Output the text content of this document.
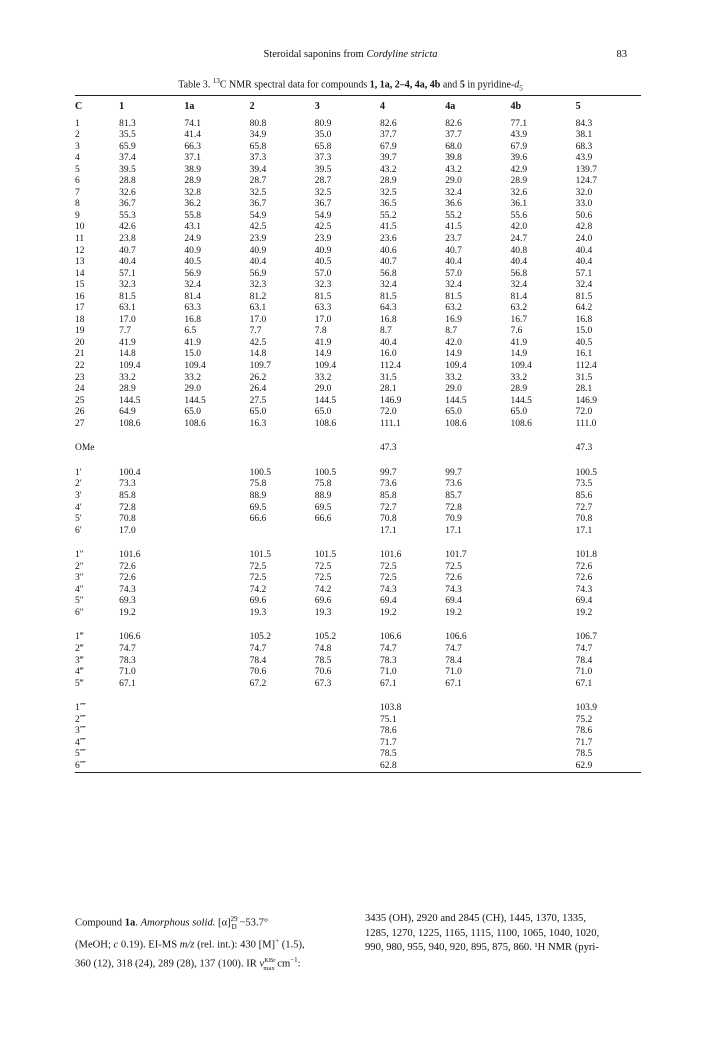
Steroidal saponins from Cordyline stricta	83
Table 3. $^{13}$C NMR spectral data for compounds 1, 1a, 2–4, 4a, 4b and 5 in pyridine-$d_5$
C	1	1a	2	3	4	4a	4b	5

1	81.3	74.1	80.8	80.9	82.6	82.6	77.1	84.3
2	35.5	41.4	34.9	35.0	37.7	37.7	43.9	38.1
3	65.9	66.3	65.8	65.8	67.9	68.0	67.9	68.3
4	37.4	37.1	37.3	37.3	39.7	39.8	39.6	43.9
5	39.5	38.9	39.4	39.5	43.2	43.2	42.9	139.7
6	28.8	28.9	28.7	28.7	28.9	29.0	28.9	124.7
7	32.6	32.8	32.5	32.5	32.5	32.4	32.6	32.0
8	36.7	36.2	36.7	36.7	36.5	36.6	36.1	33.0
9	55.3	55.8	54.9	54.9	55.2	55.2	55.6	50.6
10	42.6	43.1	42.5	42.5	41.5	41.5	42.0	42.8
11	23.8	24.9	23.9	23.9	23.6	23.7	24.7	24.0
12	40.7	40.9	40.9	40.9	40.6	40.7	40.8	40.4
13	40.4	40.5	40.4	40.5	40.7	40.4	40.4	40.4
14	57.1	56.9	56.9	57.0	56.8	57.0	56.8	57.1
15	32.3	32.4	32.3	32.3	32.4	32.4	32.4	32.4
16	81.5	81.4	81.2	81.5	81.5	81.5	81.4	81.5
17	63.1	63.3	63.1	63.3	64.3	63.2	63.2	64.2
18	17.0	16.8	17.0	17.0	16.8	16.9	16.7	16.8
19	7.7	6.5	7.7	7.8	8.7	8.7	7.6	15.0
20	41.9	41.9	42.5	41.9	40.4	42.0	41.9	40.5
21	14.8	15.0	14.8	14.9	16.0	14.9	14.9	16.1
22	109.4	109.4	109.7	109.4	112.4	109.4	109.4	112.4
23	33.2	33.2	26.2	33.2	31.5	33.2	33.2	31.5
24	28.9	29.0	26.4	29.0	28.1	29.0	28.9	28.1
25	144.5	144.5	27.5	144.5	146.9	144.5	144.5	146.9
26	64.9	65.0	65.0	65.0	72.0	65.0	65.0	72.0
27	108.6	108.6	16.3	108.6	111.1	108.6	108.6	111.0

OMe					47.3			47.3

1′	100.4		100.5	100.5	99.7	99.7		100.5
2′	73.3		75.8	75.8	73.6	73.6		73.5
3′	85.8		88.9	88.9	85.8	85.7		85.6
4′	72.8		69.5	69.5	72.7	72.8		72.7
5′	70.8		66.6	66.6	70.8	70.9		70.8
6′	17.0				17.1	17.1		17.1

1″	101.6		101.5	101.5	101.6	101.7		101.8
2″	72.6		72.5	72.5	72.5	72.5		72.6
3″	72.6		72.5	72.5	72.5	72.6		72.6
4″	74.3		74.2	74.2	74.3	74.3		74.3
5″	69.3		69.6	69.6	69.4	69.4		69.4
6″	19.2		19.3	19.3	19.2	19.2		19.2

1‴	106.6		105.2	105.2	106.6	106.6		106.7
2‴	74.7		74.7	74.8	74.7	74.7		74.7
3‴	78.3		78.4	78.5	78.3	78.4		78.4
4‴	71.0		70.6	70.6	71.0	71.0		71.0
5‴	67.1		67.2	67.3	67.1	67.1		67.1

1⁗					103.8			103.9
2⁗					75.1			75.2
3⁗					78.6			78.6
4⁗					71.7			71.7
5⁗					78.5			78.5
6⁗					62.8			62.9

Compound 1a. Amorphous solid. $[\alpha]^{29}_D -53.7^\circ$
(MeOH; c 0.19). EI-MS m/z (rel. int.): 430 [M]+ (1.5),
360 (12), 318 (24), 289 (28), 137 (100). IR $\nu^{KBr}_{max}$ $cm^{-1}$:
3435 (OH), 2920 and 2845 (CH), 1445, 1370, 1335,
1285, 1270, 1225, 1165, 1115, 1100, 1065, 1040, 1020,
990, 980, 955, 940, 920, 895, 875, 860. ¹H NMR (pyri-
